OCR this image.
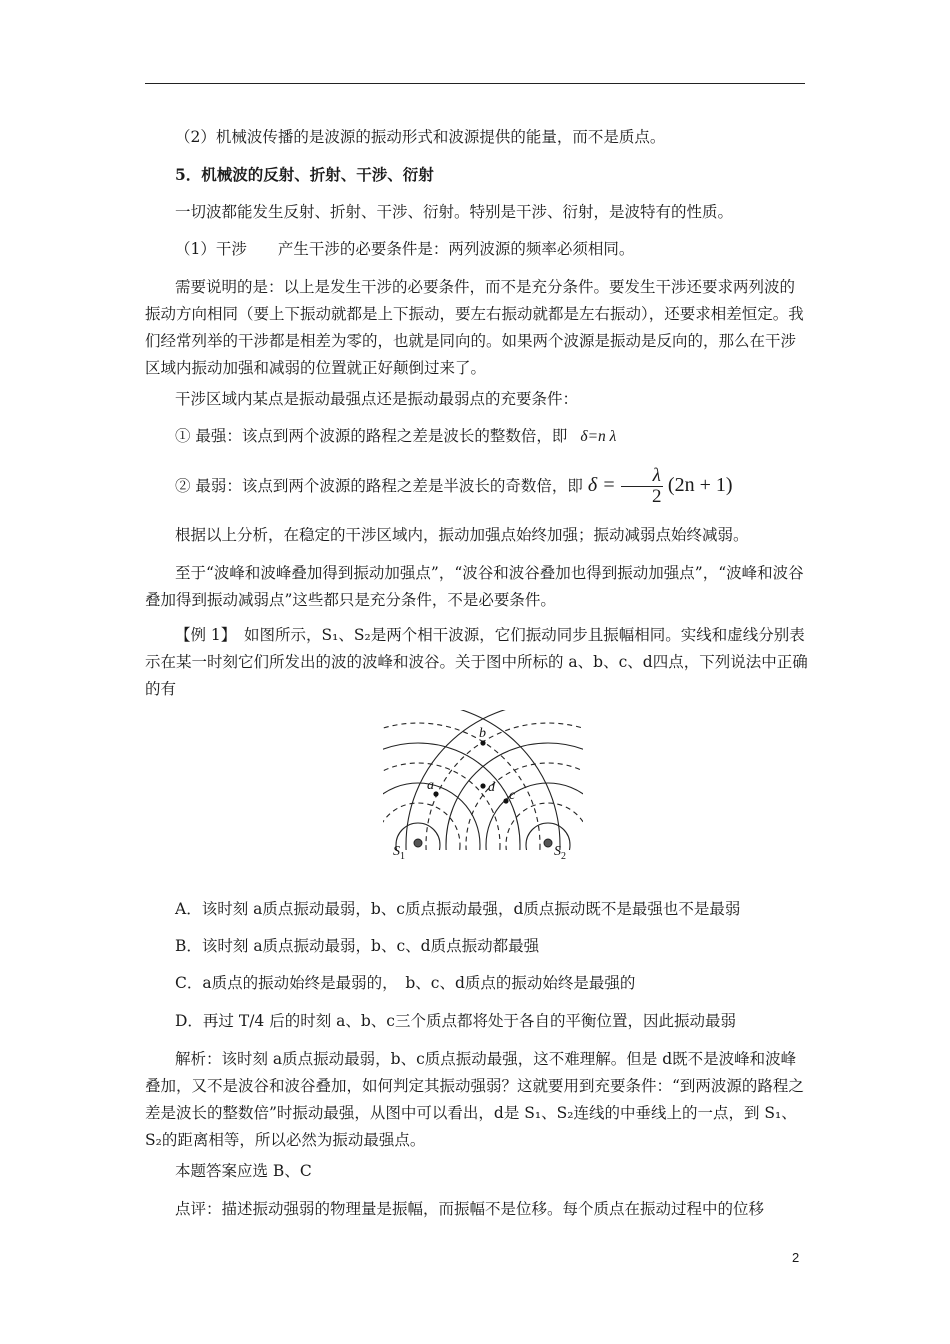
（2）机械波传播的是波源的振动形式和波源提供的能量，而不是质点。

5．机械波的反射、折射、干涉、衍射

一切波都能发生反射、折射、干涉、衍射。特别是干涉、衍射，是波特有的性质。

（1）干涉　　产生干涉的必要条件是：两列波源的频率必须相同。

需要说明的是：以上是发生干涉的必要条件，而不是充分条件。要发生干涉还要求两列波的振动方向相同（要上下振动就都是上下振动，要左右振动就都是左右振动），还要求相差恒定。我们经常列举的干涉都是相差为零的，也就是同向的。如果两个波源是振动是反向的，那么在干涉区域内振动加强和减弱的位置就正好颠倒过来了。

干涉区域内某点是振动最强点还是振动最弱点的充要条件：

① 最强：该点到两个波源的路程之差是波长的整数倍，即 δ=n λ

② 最弱：该点到两个波源的路程之差是半波长的奇数倍，即 $\delta = \frac{\lambda}{2} (2n + 1)$

根据以上分析，在稳定的干涉区域内，振动加强点始终加强；振动减弱点始终减弱。

至于“波峰和波峰叠加得到振动加强点”，“波谷和波谷叠加也得到振动加强点”，“波峰和波谷叠加得到振动减弱点”这些都只是充分条件，不是必要条件。

【例 1】　如图所示，S₁、S₂是两个相干波源，它们振动同步且振幅相同。实线和虚线分别表示在某一时刻它们所发出的波的波峰和波谷。关于图中所标的 a、b、c、d四点，下列说法中正确的有

b
a	d
c
$S_1$	$S_2$

A．该时刻 a质点振动最弱，b、c质点振动最强，d质点振动既不是最强也不是最弱

B．该时刻 a质点振动最弱，b、c、d质点振动都最强

C．a质点的振动始终是最弱的，　b、c、d质点的振动始终是最强的

D．再过 T/4 后的时刻 a、b、c三个质点都将处于各自的平衡位置，因此振动最弱

解析：该时刻 a质点振动最弱，b、c质点振动最强，这不难理解。但是 d既不是波峰和波峰叠加，又不是波谷和波谷叠加，如何判定其振动强弱？这就要用到充要条件：“到两波源的路程之差是波长的整数倍”时振动最强，从图中可以看出，d是 S₁、S₂连线的中垂线上的一点，到 S₁、S₂的距离相等，所以必然为振动最强点。

本题答案应选 B、C

点评：描述振动强弱的物理量是振幅，而振幅不是位移。每个质点在振动过程中的位移

2
